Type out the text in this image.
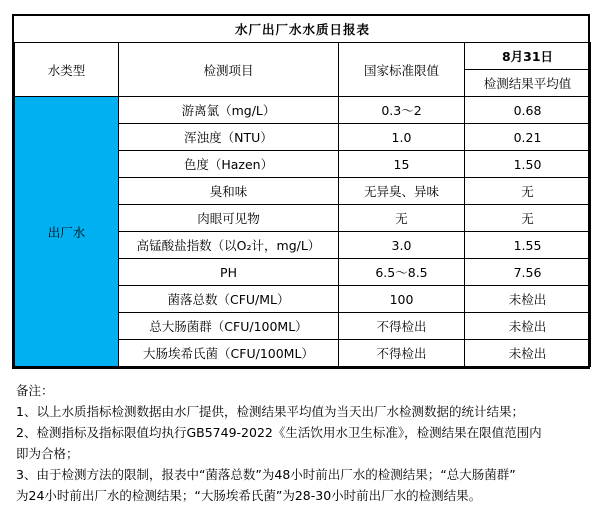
水厂出厂水水质日报表			
水类型	检测项目	国家标准限值	8月31日
			检测结果平均值
出厂水	游离氯（mg/L）	0.3～2	0.68
	浑浊度（NTU）	1.0	0.21
	色度（Hazen）	15	1.50
	臭和味	无异臭、异味	无
	肉眼可见物	无	无
	高锰酸盐指数（以O₂计，mg/L）	3.0	1.55
	PH	6.5～8.5	7.56
	菌落总数（CFU/ML）	100	未检出
	总大肠菌群（CFU/100ML）	不得检出	未检出
	大肠埃希氏菌（CFU/100ML）	不得检出	未检出
备注：
1、以上水质指标检测数据由水厂提供，检测结果平均值为当天出厂水检测数据的统计结果；
2、检测指标及指标限值均执行GB5749-2022《生活饮用水卫生标准》，检测结果在限值范围内
即为合格；
3、由于检测方法的限制，报表中“菌落总数”为48小时前出厂水的检测结果；“总大肠菌群”
为24小时前出厂水的检测结果；“大肠埃希氏菌”为28-30小时前出厂水的检测结果。
